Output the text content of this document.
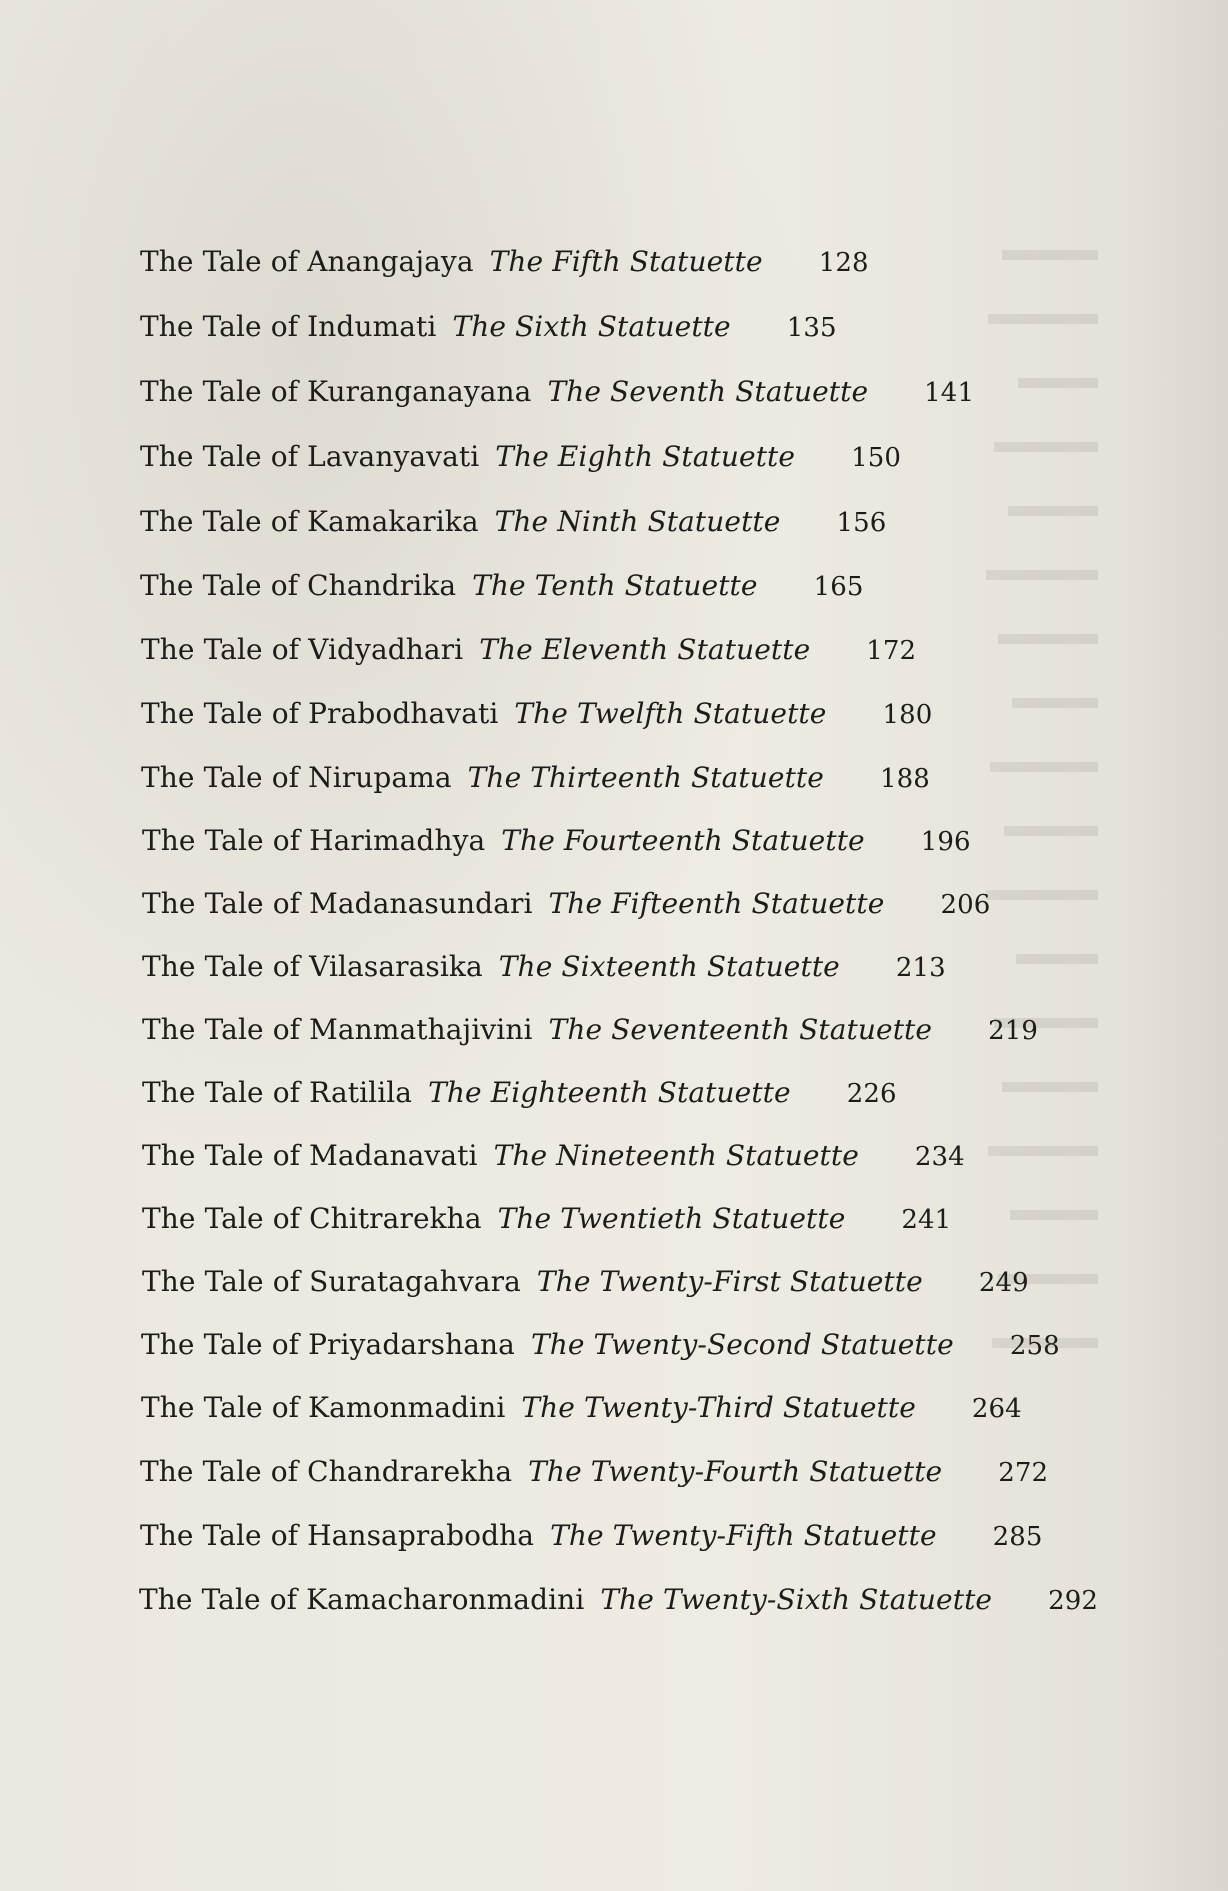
The Tale of Anangajaya The Fifth Statuette 128
The Tale of Indumati The Sixth Statuette 135
The Tale of Kuranganayana The Seventh Statuette 141
The Tale of Lavanyavati The Eighth Statuette 150
The Tale of Kamakarika The Ninth Statuette 156
The Tale of Chandrika The Tenth Statuette 165
The Tale of Vidyadhari The Eleventh Statuette 172
The Tale of Prabodhavati The Twelfth Statuette 180
The Tale of Nirupama The Thirteenth Statuette 188
The Tale of Harimadhya The Fourteenth Statuette 196
The Tale of Madanasundari The Fifteenth Statuette 206
The Tale of Vilasarasika The Sixteenth Statuette 213
The Tale of Manmathajivini The Seventeenth Statuette 219
The Tale of Ratilila The Eighteenth Statuette 226
The Tale of Madanavati The Nineteenth Statuette 234
The Tale of Chitrarekha The Twentieth Statuette 241
The Tale of Suratagahvara The Twenty-First Statuette 249
The Tale of Priyadarshana The Twenty-Second Statuette 258
The Tale of Kamonmadini The Twenty-Third Statuette 264
The Tale of Chandrarekha The Twenty-Fourth Statuette 272
The Tale of Hansaprabodha The Twenty-Fifth Statuette 285
The Tale of Kamacharonmadini The Twenty-Sixth Statuette 292
